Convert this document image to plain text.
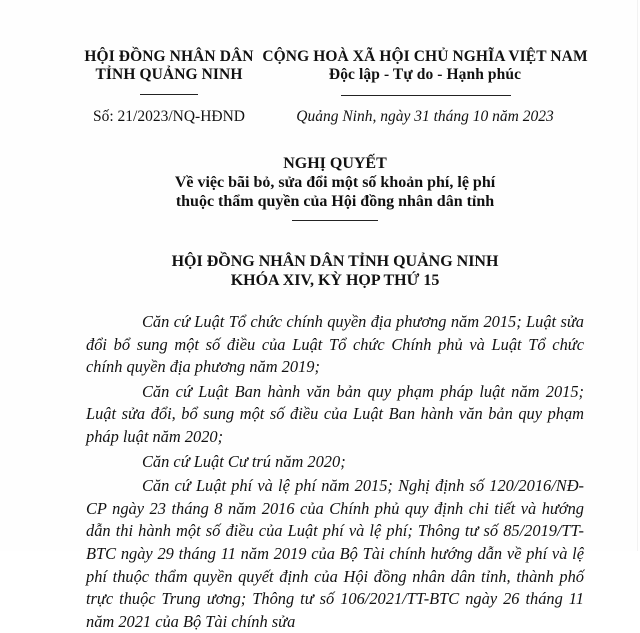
HỘI ĐỒNG NHÂN DÂN
TỈNH QUẢNG NINH
Số: 21/2023/NQ-HĐND
CỘNG HOÀ XÃ HỘI CHỦ NGHĨA VIỆT NAM
Độc lập - Tự do - Hạnh phúc
Quảng Ninh, ngày 31 tháng 10 năm 2023
NGHỊ QUYẾT
Về việc bãi bỏ, sửa đổi một số khoản phí, lệ phí
thuộc thẩm quyền của Hội đồng nhân dân tỉnh
HỘI ĐỒNG NHÂN DÂN TỈNH QUẢNG NINH
KHÓA XIV, KỲ HỌP THỨ 15

Căn cứ Luật Tổ chức chính quyền địa phương năm 2015; Luật sửa đổi bổ sung một số điều của Luật Tổ chức Chính phủ và Luật Tổ chức chính quyền địa phương năm 2019;

Căn cứ Luật Ban hành văn bản quy phạm pháp luật năm 2015; Luật sửa đổi, bổ sung một số điều của Luật Ban hành văn bản quy phạm pháp luật năm 2020;

Căn cứ Luật Cư trú năm 2020;

Căn cứ Luật phí và lệ phí năm 2015; Nghị định số 120/2016/NĐ-CP ngày 23 tháng 8 năm 2016 của Chính phủ quy định chi tiết và hướng dẫn thi hành một số điều của Luật phí và lệ phí; Thông tư số 85/2019/TT-BTC ngày 29 tháng 11 năm 2019 của Bộ Tài chính hướng dẫn về phí và lệ phí thuộc thẩm quyền quyết định của Hội đồng nhân dân tỉnh, thành phố trực thuộc Trung ương; Thông tư số 106/2021/TT-BTC ngày 26 tháng 11 năm 2021 của Bộ Tài chính sửa
